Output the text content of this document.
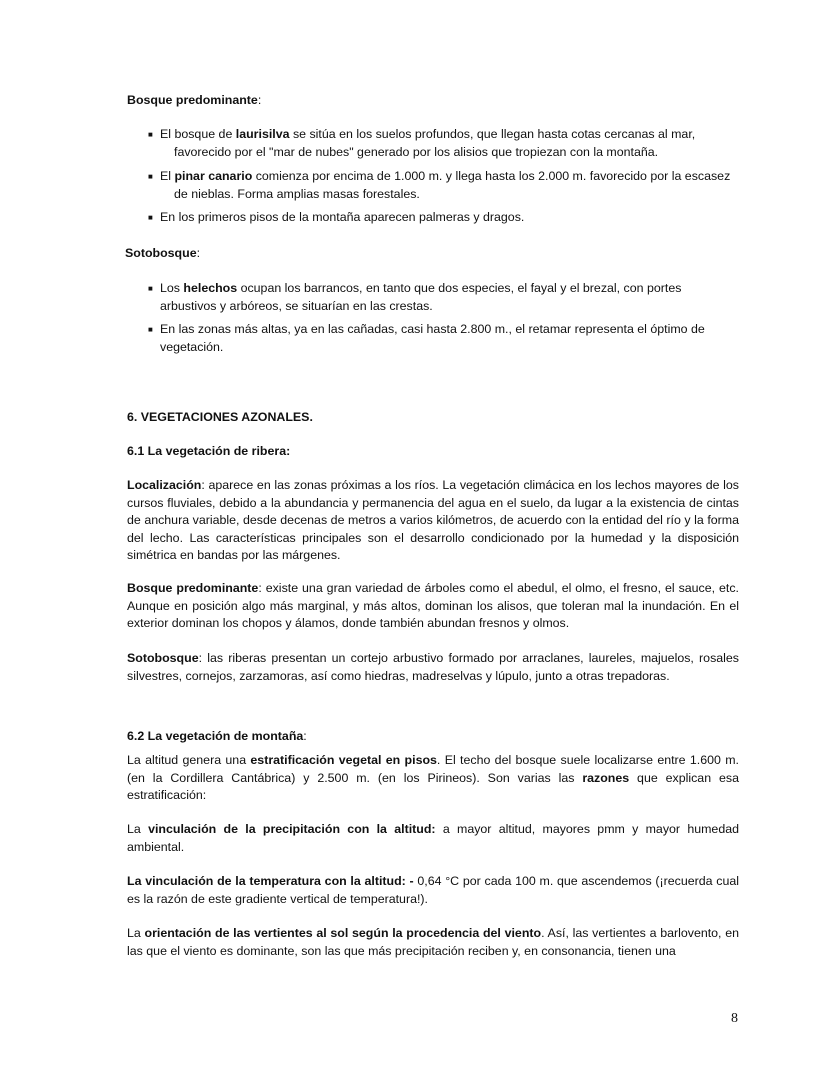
Bosque predominante:

■ El bosque de laurisilva se sitúa en los suelos profundos, que llegan hasta cotas cercanas al mar,
favorecido por el "mar de nubes" generado por los alisios que tropiezan con la montaña.
■ El pinar canario comienza por encima de 1.000 m. y llega hasta los 2.000 m. favorecido por la escasez
de nieblas. Forma amplias masas forestales.
■ En los primeros pisos de la montaña aparecen palmeras y dragos.

Sotobosque:

■ Los helechos ocupan los barrancos, en tanto que dos especies, el fayal y el brezal, con portes
arbustivos y arbóreos, se situarían en las crestas.
■ En las zonas más altas, ya en las cañadas, casi hasta 2.800 m., el retamar representa el óptimo de
vegetación.

6. VEGETACIONES AZONALES.

6.1 La vegetación de ribera:

Localización: aparece en las zonas próximas a los ríos. La vegetación climácica en los lechos mayores de los cursos fluviales, debido a la abundancia y permanencia del agua en el suelo, da lugar a la existencia de cintas de anchura variable, desde decenas de metros a varios kilómetros, de acuerdo con la entidad del río y la forma del lecho. Las características principales son el desarrollo condicionado por la humedad y la disposición simétrica en bandas por las márgenes.

Bosque predominante: existe una gran variedad de árboles como el abedul, el olmo, el fresno, el sauce, etc. Aunque en posición algo más marginal, y más altos, dominan los alisos, que toleran mal la inundación. En el exterior dominan los chopos y álamos, donde también abundan fresnos y olmos.

Sotobosque: las riberas presentan un cortejo arbustivo formado por arraclanes, laureles, majuelos, rosales silvestres, cornejos, zarzamoras, así como hiedras, madreselvas y lúpulo, junto a otras trepadoras.

6.2 La vegetación de montaña:

La altitud genera una estratificación vegetal en pisos. El techo del bosque suele localizarse entre 1.600 m. (en la Cordillera Cantábrica) y 2.500 m. (en los Pirineos). Son varias las razones que explican esa estratificación:

La vinculación de la precipitación con la altitud: a mayor altitud, mayores pmm y mayor humedad ambiental.

La vinculación de la temperatura con la altitud: - 0,64 °C por cada 100 m. que ascendemos (¡recuerda cual es la razón de este gradiente vertical de temperatura!).

La orientación de las vertientes al sol según la procedencia del viento. Así, las vertientes a barlovento, en las que el viento es dominante, son las que más precipitación reciben y, en consonancia, tienen una

8
